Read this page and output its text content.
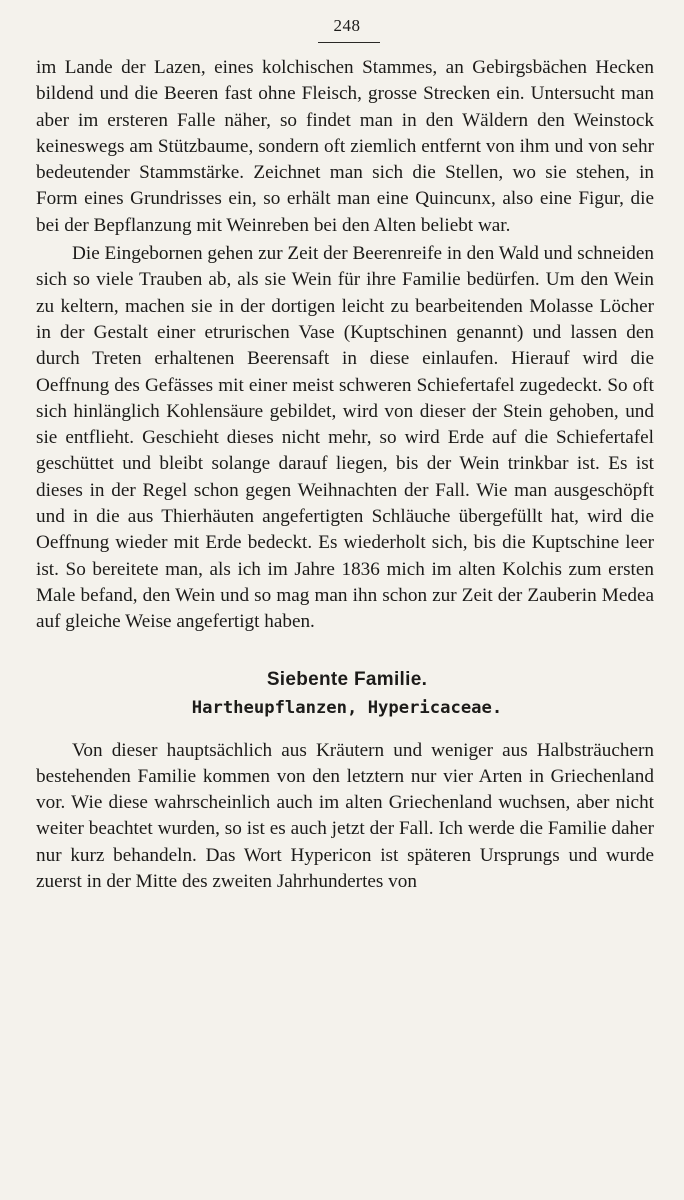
248

im Lande der Lazen, eines kolchischen Stammes, an Gebirgsbächen Hecken bildend und die Beeren fast ohne Fleisch, grosse Strecken ein. Untersucht man aber im ersteren Falle näher, so findet man in den Wäldern den Weinstock keineswegs am Stützbaume, sondern oft ziemlich entfernt von ihm und von sehr bedeutender Stammstärke. Zeichnet man sich die Stellen, wo sie stehen, in Form eines Grundrisses ein, so erhält man eine Quincunx, also eine Figur, die bei der Bepflanzung mit Weinreben bei den Alten beliebt war.

Die Eingebornen gehen zur Zeit der Beerenreife in den Wald und schneiden sich so viele Trauben ab, als sie Wein für ihre Familie bedürfen. Um den Wein zu keltern, machen sie in der dortigen leicht zu bearbeitenden Molasse Löcher in der Gestalt einer etrurischen Vase (Kuptschinen genannt) und lassen den durch Treten erhaltenen Beerensaft in diese einlaufen. Hierauf wird die Oeffnung des Gefässes mit einer meist schweren Schiefertafel zugedeckt. So oft sich hinlänglich Kohlensäure gebildet, wird von dieser der Stein gehoben, und sie entflieht. Geschieht dieses nicht mehr, so wird Erde auf die Schiefertafel geschüttet und bleibt solange darauf liegen, bis der Wein trinkbar ist. Es ist dieses in der Regel schon gegen Weihnachten der Fall. Wie man ausgeschöpft und in die aus Thierhäuten angefertigten Schläuche übergefüllt hat, wird die Oeffnung wieder mit Erde bedeckt. Es wiederholt sich, bis die Kuptschine leer ist. So bereitete man, als ich im Jahre 1836 mich im alten Kolchis zum ersten Male befand, den Wein und so mag man ihn schon zur Zeit der Zauberin Medea auf gleiche Weise angefertigt haben.

Siebente Familie.
Hartheupflanzen, Hypericaceae.

Von dieser hauptsächlich aus Kräutern und weniger aus Halbsträuchern bestehenden Familie kommen von den letztern nur vier Arten in Griechenland vor. Wie diese wahrscheinlich auch im alten Griechenland wuchsen, aber nicht weiter beachtet wurden, so ist es auch jetzt der Fall. Ich werde die Familie daher nur kurz behandeln. Das Wort Hypericon ist späteren Ursprungs und wurde zuerst in der Mitte des zweiten Jahrhundertes von
